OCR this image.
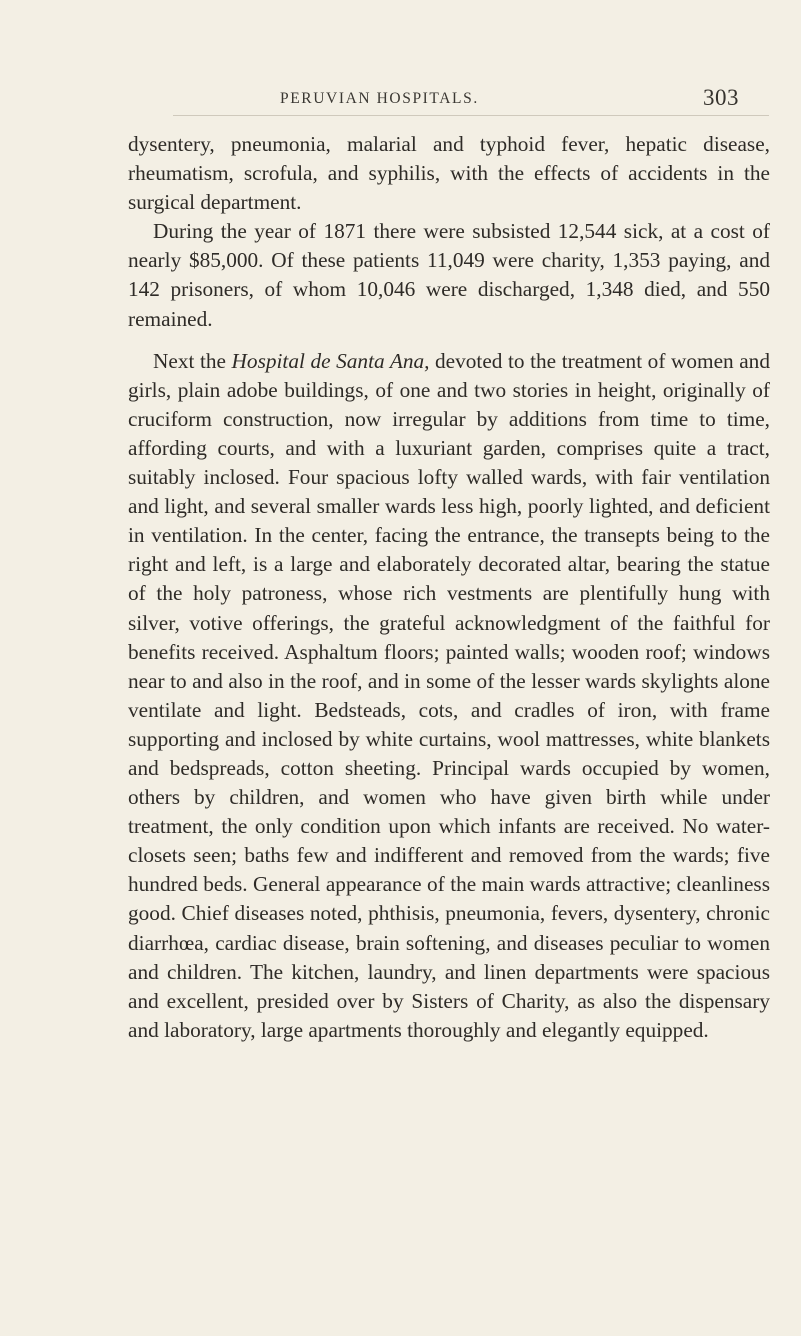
PERUVIAN HOSPITALS.	303

dysentery, pneumonia, malarial and typhoid fever, hepatic disease, rheumatism, scrofula, and syphilis, with the effects of accidents in the surgical department.

During the year of 1871 there were subsisted 12,544 sick, at a cost of nearly $85,000. Of these patients 11,049 were charity, 1,353 paying, and 142 prisoners, of whom 10,046 were discharged, 1,348 died, and 550 remained.

Next the Hospital de Santa Ana, devoted to the treatment of women and girls, plain adobe buildings, of one and two stories in height, originally of cruciform construction, now irregular by additions from time to time, affording courts, and with a luxuriant garden, comprises quite a tract, suitably inclosed. Four spacious lofty walled wards, with fair ventilation and light, and several smaller wards less high, poorly lighted, and deficient in ventilation. In the center, facing the entrance, the transepts being to the right and left, is a large and elaborately decorated altar, bearing the statue of the holy patroness, whose rich vestments are plentifully hung with silver, votive offerings, the grateful acknowledgment of the faithful for benefits received. Asphaltum floors; painted walls; wooden roof; windows near to and also in the roof, and in some of the lesser wards skylights alone ventilate and light. Bedsteads, cots, and cradles of iron, with frame supporting and inclosed by white curtains, wool mattresses, white blankets and bedspreads, cotton sheeting. Principal wards occupied by women, others by children, and women who have given birth while under treatment, the only condition upon which infants are received. No water-closets seen; baths few and indifferent and removed from the wards; five hundred beds. General appearance of the main wards attractive; cleanliness good. Chief diseases noted, phthisis, pneumonia, fevers, dysentery, chronic diarrhœa, cardiac disease, brain softening, and diseases peculiar to women and children. The kitchen, laundry, and linen departments were spacious and excellent, presided over by Sisters of Charity, as also the dispensary and laboratory, large apartments thoroughly and elegantly equipped.
